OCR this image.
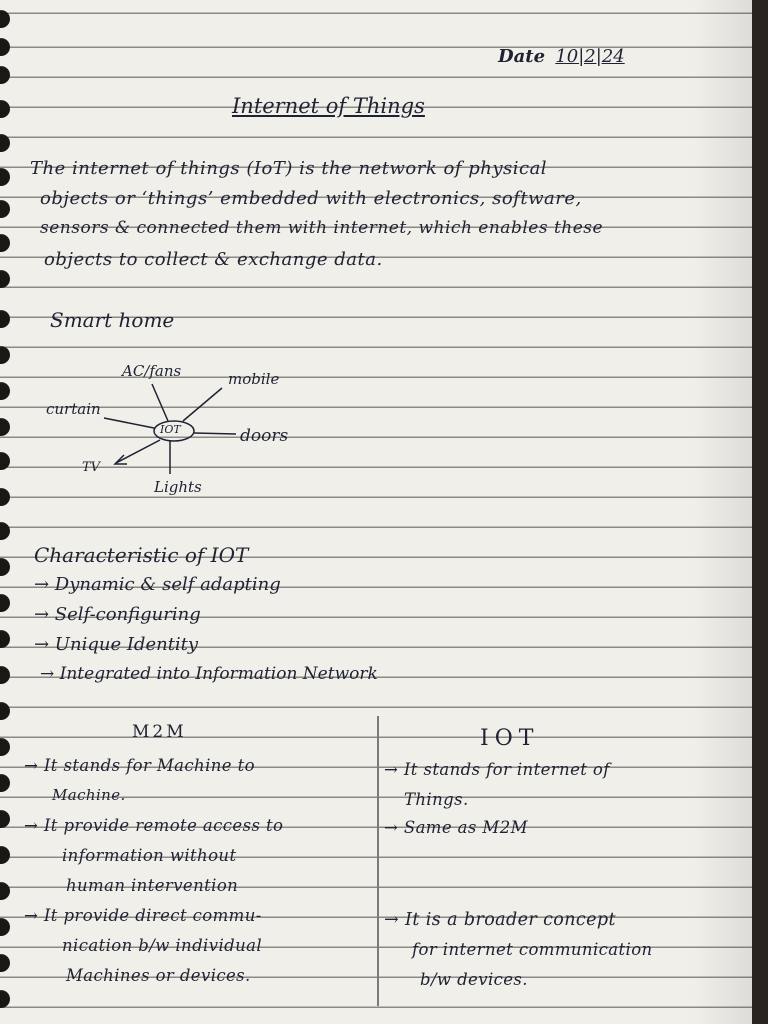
Date 10|2|24
Internet of Things
The internet of things (IoT) is the network of physical
objects or ‘things’ embedded with electronics, software,
sensors & connected them with internet, which enables these
objects to collect & exchange data.
Smart home
IOT
AC/fans	mobile
curtain
doors
TV
Lights
Characteristic of IOT
→ Dynamic & self adapting
→ Self-configuring
→ Unique Identity
→ Integrated into Information Network
M2M	IOT
→ It stands for Machine to
Machine.
→ It provide remote access to
information without
human intervention
→ It provide direct commu-
nication b/w individual
Machines or devices.
→ It stands for internet of
Things.
→ Same as M2M
→ It is a broader concept
for internet communication
b/w devices.
